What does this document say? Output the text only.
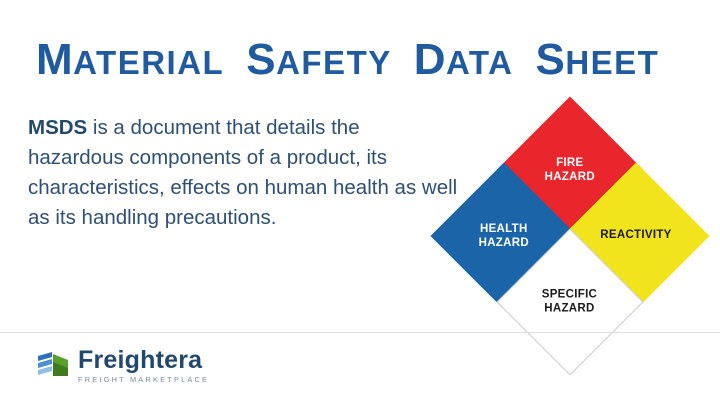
MATERIAL SAFETY DATA SHEET
MSDS is a document that details the hazardous components of a product, its characteristics, effects on human health as well as its handling precautions.
FIRE
HAZARD
HEALTH
HAZARD
REACTIVITY
SPECIFIC
HAZARD
Freightera
FREIGHT MARKETPLACE
